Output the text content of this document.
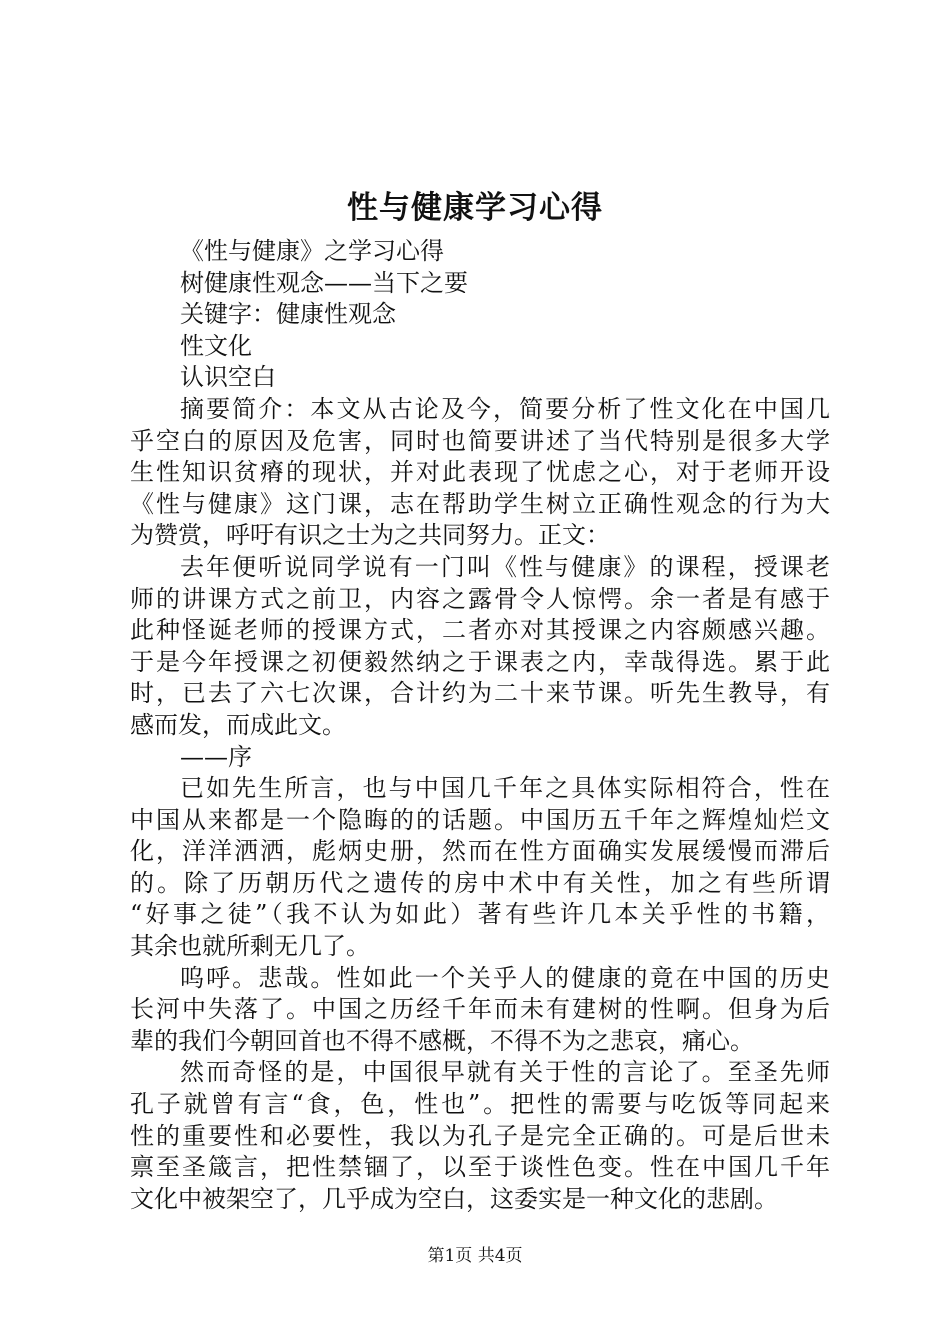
性与健康学习心得
《性与健康》之学习心得
树健康性观念——当下之要
关键字：健康性观念
性文化
认识空白
摘要简介：本文从古论及今，简要分析了性文化在中国几
乎空白的原因及危害，同时也简要讲述了当代特别是很多大学
生性知识贫瘠的现状，并对此表现了忧虑之心，对于老师开设
《性与健康》这门课，志在帮助学生树立正确性观念的行为大
为赞赏，呼吁有识之士为之共同努力。正文：
去年便听说同学说有一门叫《性与健康》的课程，授课老
师的讲课方式之前卫，内容之露骨令人惊愕。余一者是有感于
此种怪诞老师的授课方式，二者亦对其授课之内容颇感兴趣。
于是今年授课之初便毅然纳之于课表之内，幸哉得选。累于此
时，已去了六七次课，合计约为二十来节课。听先生教导，有
感而发，而成此文。
——序
已如先生所言，也与中国几千年之具体实际相符合，性在
中国从来都是一个隐晦的的话题。中国历五千年之辉煌灿烂文
化，洋洋洒洒，彪炳史册，然而在性方面确实发展缓慢而滞后
的。除了历朝历代之遗传的房中术中有关性，加之有些所谓
“好事之徒”（我不认为如此）著有些许几本关乎性的书籍，
其余也就所剩无几了。
呜呼。悲哉。性如此一个关乎人的健康的竟在中国的历史
长河中失落了。中国之历经千年而未有建树的性啊。但身为后
辈的我们今朝回首也不得不感概，不得不为之悲哀，痛心。
然而奇怪的是，中国很早就有关于性的言论了。至圣先师
孔子就曾有言“食，色，性也”。把性的需要与吃饭等同起来
性的重要性和必要性，我以为孔子是完全正确的。可是后世未
禀至圣箴言，把性禁锢了，以至于谈性色变。性在中国几千年
文化中被架空了，几乎成为空白，这委实是一种文化的悲剧。
第1页 共4页
